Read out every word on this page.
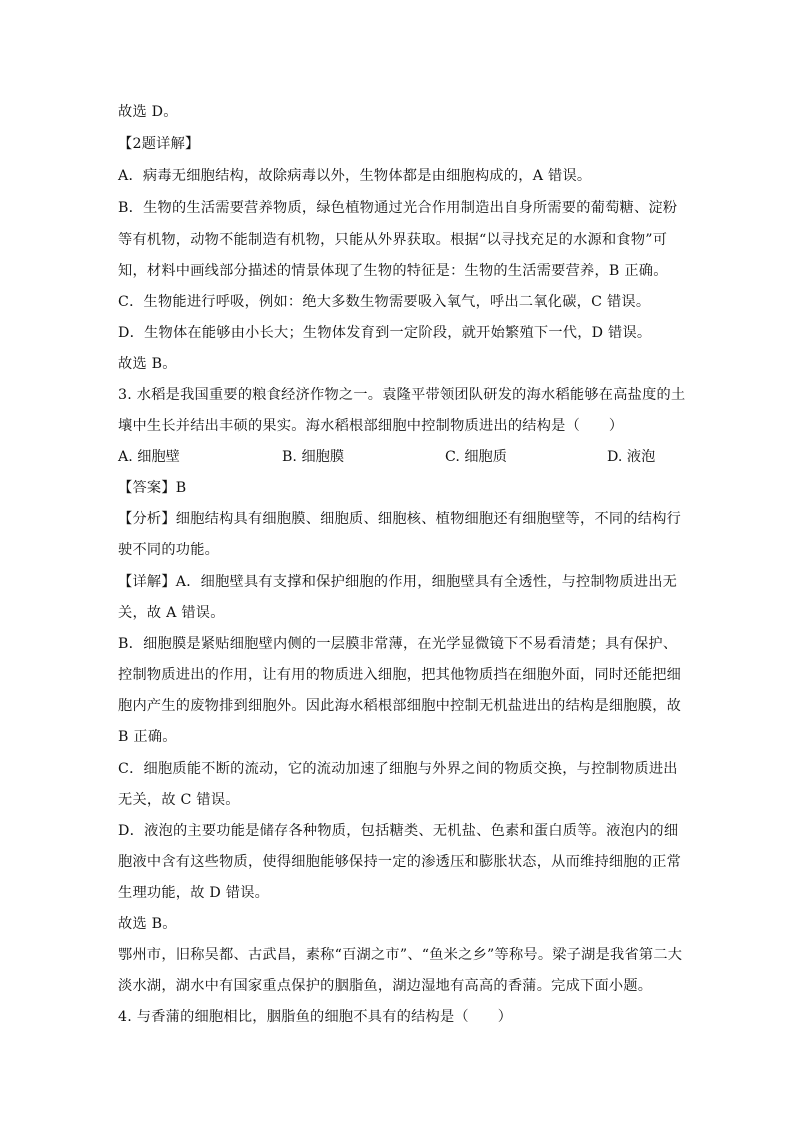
故选 D。
【2题详解】
A．病毒无细胞结构，故除病毒以外，生物体都是由细胞构成的，A 错误。
B．生物的生活需要营养物质，绿色植物通过光合作用制造出自身所需要的葡萄糖、淀粉
等有机物，动物不能制造有机物，只能从外界获取。根据“以寻找充足的水源和食物”可
知，材料中画线部分描述的情景体现了生物的特征是：生物的生活需要营养，B 正确。
C．生物能进行呼吸，例如：绝大多数生物需要吸入氧气，呼出二氧化碳，C 错误。
D．生物体在能够由小长大；生物体发育到一定阶段，就开始繁殖下一代，D 错误。
故选 B。
3. 水稻是我国重要的粮食经济作物之一。袁隆平带领团队研发的海水稻能够在高盐度的土
壤中生长并结出丰硕的果实。海水稻根部细胞中控制物质进出的结构是（　　）
A. 细胞壁	B. 细胞膜	C. 细胞质	D. 液泡
【答案】B
【分析】细胞结构具有细胞膜、细胞质、细胞核、植物细胞还有细胞壁等，不同的结构行
驶不同的功能。
【详解】A．细胞壁具有支撑和保护细胞的作用，细胞壁具有全透性，与控制物质进出无
关，故 A 错误。
B．细胞膜是紧贴细胞壁内侧的一层膜非常薄，在光学显微镜下不易看清楚；具有保护、
控制物质进出的作用，让有用的物质进入细胞，把其他物质挡在细胞外面，同时还能把细
胞内产生的废物排到细胞外。因此海水稻根部细胞中控制无机盐进出的结构是细胞膜，故
B 正确。
C．细胞质能不断的流动，它的流动加速了细胞与外界之间的物质交换，与控制物质进出
无关，故 C 错误。
D．液泡的主要功能是储存各种物质，包括糖类、无机盐、色素和蛋白质等。液泡内的细
胞液中含有这些物质，使得细胞能够保持一定的渗透压和膨胀状态，从而维持细胞的正常
生理功能，故 D 错误。
故选 B。
鄂州市，旧称吴都、古武昌，素称“百湖之市”、“鱼米之乡”等称号。梁子湖是我省第二大
淡水湖，湖水中有国家重点保护的胭脂鱼，湖边湿地有高高的香蒲。完成下面小题。
4. 与香蒲的细胞相比，胭脂鱼的细胞不具有的结构是（　　）
